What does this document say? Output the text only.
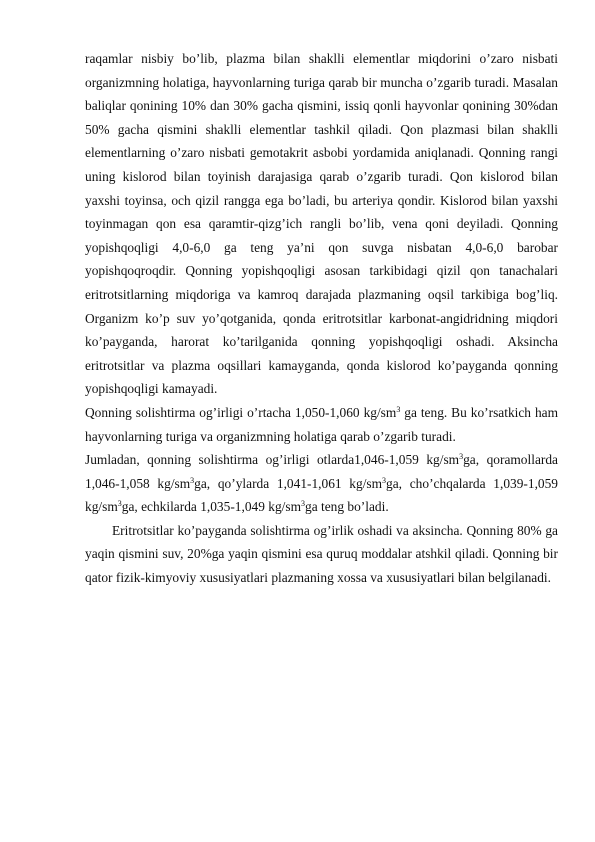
raqamlar nisbiy bo’lib, plazma bilan shaklli elementlar miqdorini o’zaro nisbati organizmning holatiga, hayvonlarning turiga qarab bir muncha o’zgarib turadi. Masalan baliqlar qonining 10% dan 30% gacha qismini, issiq qonli hayvonlar qonining 30%dan 50% gacha qismini shaklli elementlar tashkil qiladi. Qon plazmasi bilan shaklli elementlarning o’zaro nisbati gemotakrit asbobi yordamida aniqlanadi. Qonning rangi uning kislorod bilan toyinish darajasiga qarab o’zgarib turadi. Qon kislorod bilan yaxshi toyinsa, och qizil rangga ega bo’ladi, bu arteriya qondir. Kislorod bilan yaxshi toyinmagan qon esa qaramtir-qizg’ich rangli bo’lib, vena qoni deyiladi. Qonning yopishqoqligi 4,0-6,0 ga teng ya’ni qon suvga nisbatan 4,0-6,0 barobar yopishqoqroqdir. Qonning yopishqoqligi asosan tarkibidagi qizil qon tanachalari eritrotsitlarning miqdoriga va kamroq darajada plazmaning oqsil tarkibiga bog’liq. Organizm ko’p suv yo’qotganida, qonda eritrotsitlar karbonat-angidridning miqdori ko’payganda, harorat ko’tarilganida qonning yopishqoqligi oshadi. Aksincha eritrotsitlar va plazma oqsillari kamayganda, qonda kislorod ko’payganda qonning yopishqoqligi kamayadi.

Qonning solishtirma og’irligi o’rtacha 1,050-1,060 $kg/sm^3$ ga teng. Bu ko’rsatkich ham hayvonlarning turiga va organizmning holatiga qarab o’zgarib turadi.

Jumladan, qonning solishtirma og’irligi otlarda1,046-1,059 $kg/sm^3ga$, qoramollarda 1,046-1,058 $kg/sm^3ga$, qo’ylarda 1,041-1,061 $kg/sm^3ga$, cho’chqalarda 1,039-1,059 $kg/sm^3ga$, echkilarda 1,035-1,049 $kg/sm^3ga$ teng bo’ladi.

Eritrotsitlar ko’payganda solishtirma og’irlik oshadi va aksincha. Qonning 80% ga yaqin qismini suv, 20%ga yaqin qismini esa quruq moddalar atshkil qiladi. Qonning bir qator fizik-kimyoviy xususiyatlari plazmaning xossa va xususiyatlari bilan belgilanadi.
